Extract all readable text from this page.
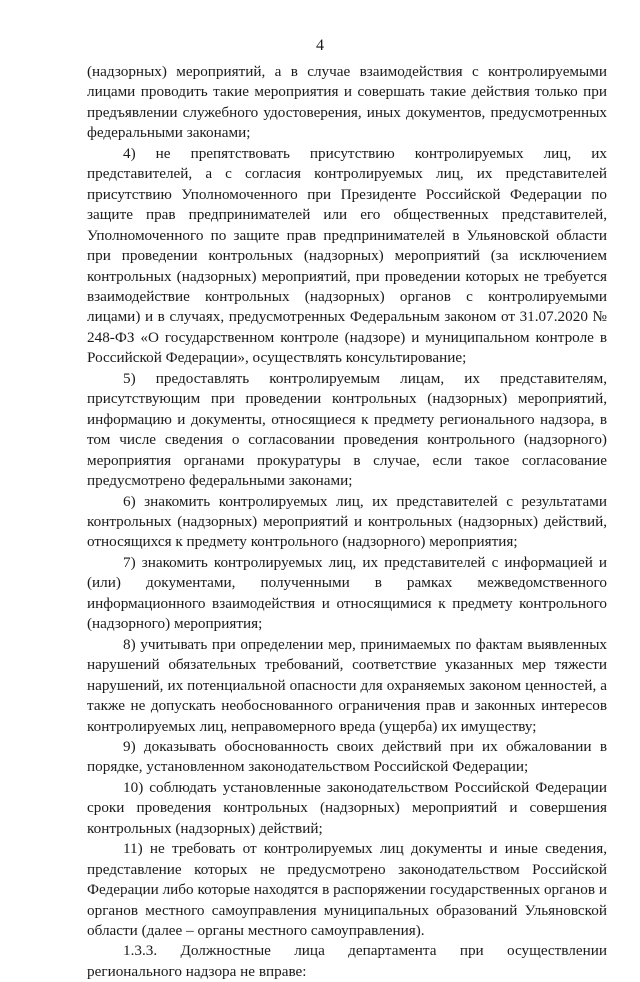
4

(надзорных) мероприятий, а в случае взаимодействия с контролируемыми лицами проводить такие мероприятия и совершать такие действия только при предъявлении служебного удостоверения, иных документов, предусмотренных федеральными законами;

4) не препятствовать присутствию контролируемых лиц, их представителей, а с согласия контролируемых лиц, их представителей присутствию Уполномоченного при Президенте Российской Федерации по защите прав предпринимателей или его общественных представителей, Уполномоченного по защите прав предпринимателей в Ульяновской области при проведении контрольных (надзорных) мероприятий (за исключением контрольных (надзорных) мероприятий, при проведении которых не требуется взаимодействие контрольных (надзорных) органов с контролируемыми лицами) и в случаях, предусмотренных Федеральным законом от 31.07.2020 № 248-ФЗ «О государственном контроле (надзоре) и муниципальном контроле в Российской Федерации», осуществлять консультирование;

5) предоставлять контролируемым лицам, их представителям, присутствующим при проведении контрольных (надзорных) мероприятий, информацию и документы, относящиеся к предмету регионального надзора, в том числе сведения о согласовании проведения контрольного (надзорного) мероприятия органами прокуратуры в случае, если такое согласование предусмотрено федеральными законами;

6) знакомить контролируемых лиц, их представителей с результатами контрольных (надзорных) мероприятий и контрольных (надзорных) действий, относящихся к предмету контрольного (надзорного) мероприятия;

7) знакомить контролируемых лиц, их представителей с информацией и (или) документами, полученными в рамках межведомственного информационного взаимодействия и относящимися к предмету контрольного (надзорного) мероприятия;

8) учитывать при определении мер, принимаемых по фактам выявленных нарушений обязательных требований, соответствие указанных мер тяжести нарушений, их потенциальной опасности для охраняемых законом ценностей, а также не допускать необоснованного ограничения прав и законных интересов контролируемых лиц, неправомерного вреда (ущерба) их имуществу;

9) доказывать обоснованность своих действий при их обжаловании в порядке, установленном законодательством Российской Федерации;

10) соблюдать установленные законодательством Российской Федерации сроки проведения контрольных (надзорных) мероприятий и совершения контрольных (надзорных) действий;

11) не требовать от контролируемых лиц документы и иные сведения, представление которых не предусмотрено законодательством Российской Федерации либо которые находятся в распоряжении государственных органов и органов местного самоуправления муниципальных образований Ульяновской области (далее – органы местного самоуправления).

1.3.3. Должностные лица департамента при осуществлении регионального надзора не вправе:
